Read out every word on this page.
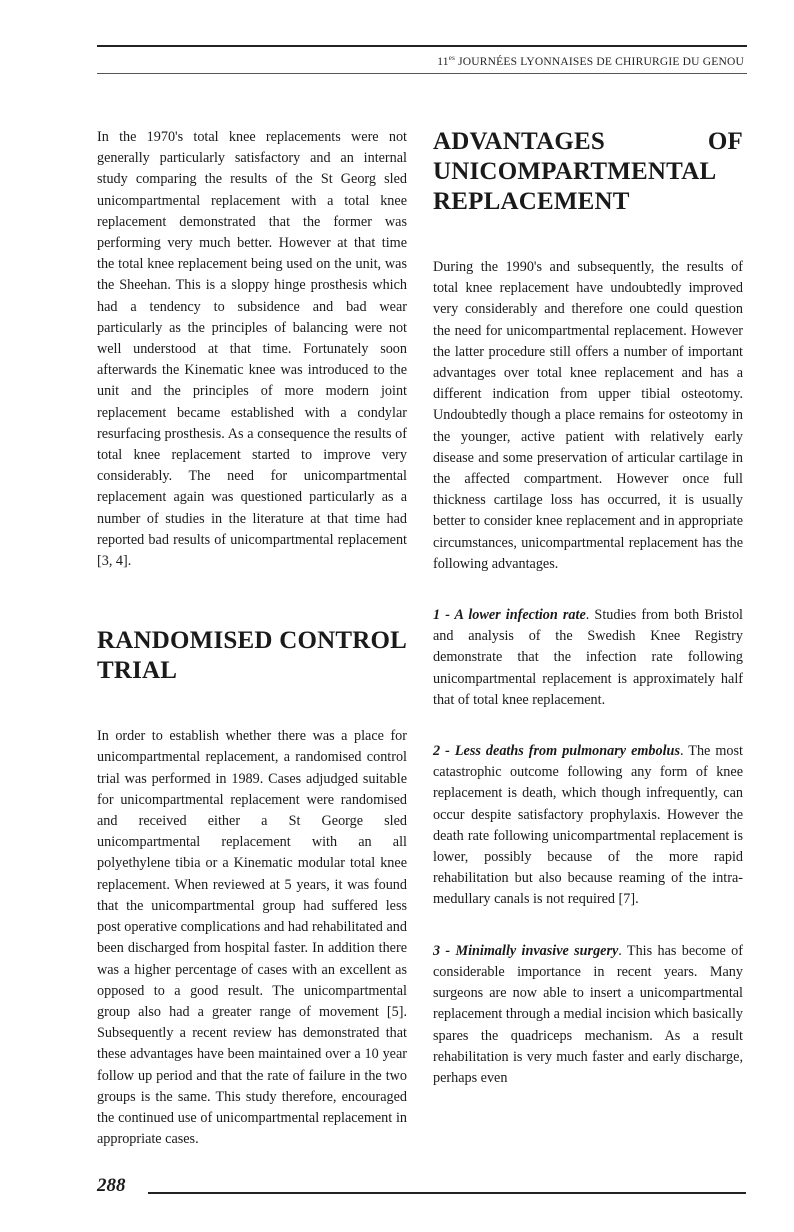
$11^{es}$ JOURNÉES LYONNAISES DE CHIRURGIE DU GENOU

In the 1970's total knee replacements were not generally particularly satisfactory and an internal study comparing the results of the St Georg sled unicompartmental replacement with a total knee replacement demonstrated that the former was performing very much better. However at that time the total knee replacement being used on the unit, was the Sheehan. This is a sloppy hinge prosthesis which had a tendency to subsidence and bad wear particularly as the principles of balancing were not well understood at that time. Fortunately soon afterwards the Kinematic knee was introduced to the unit and the principles of more modern joint replacement became established with a condylar resurfacing prosthesis. As a consequence the results of total knee replacement started to improve very considerably. The need for unicompartmental replacement again was questioned particularly as a number of studies in the literature at that time had reported bad results of unicompartmental replacement [3, 4].

RANDOMISED CONTROL TRIAL

In order to establish whether there was a place for unicompartmental replacement, a randomised control trial was performed in 1989. Cases adjudged suitable for unicompartmental replacement were randomised and received either a St George sled unicompartmental replacement with an all polyethylene tibia or a Kinematic modular total knee replacement. When reviewed at 5 years, it was found that the unicompartmental group had suffered less post operative complications and had rehabilitated and been discharged from hospital faster. In addition there was a higher percentage of cases with an excellent as opposed to a good result. The unicompartmental group also had a greater range of movement [5]. Subsequently a recent review has demonstrated that these advantages have been maintained over a 10 year follow up period and that the rate of failure in the two groups is the same. This study therefore, encouraged the continued use of unicompartmental replacement in appropriate cases.

ADVANTAGES OF UNICOMPARTMENTAL REPLACEMENT

During the 1990's and subsequently, the results of total knee replacement have undoubtedly improved very considerably and therefore one could question the need for unicompartmental replacement. However the latter procedure still offers a number of important advantages over total knee replacement and has a different indication from upper tibial osteotomy. Undoubtedly though a place remains for osteotomy in the younger, active patient with relatively early disease and some preservation of articular cartilage in the affected compartment. However once full thickness cartilage loss has occurred, it is usually better to consider knee replacement and in appropriate circumstances, unicompartmental replacement has the following advantages.

1 - A lower infection rate. Studies from both Bristol and analysis of the Swedish Knee Registry demonstrate that the infection rate following unicompartmental replacement is approximately half that of total knee replacement.

2 - Less deaths from pulmonary embolus. The most catastrophic outcome following any form of knee replacement is death, which though infrequently, can occur despite satisfactory prophylaxis. However the death rate following unicompartmental replacement is lower, possibly because of the more rapid rehabilitation but also because reaming of the intra-medullary canals is not required [7].

3 - Minimally invasive surgery. This has become of considerable importance in recent years. Many surgeons are now able to insert a unicompartmental replacement through a medial incision which basically spares the quadriceps mechanism. As a result rehabilitation is very much faster and early discharge, perhaps even

288
